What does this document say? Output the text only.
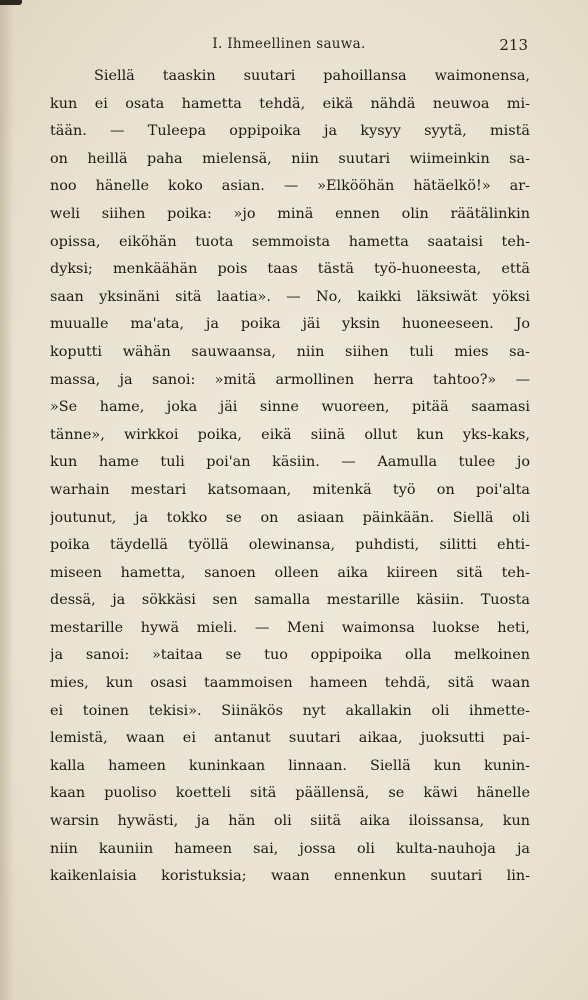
I. Ihmeellinen sauwa.	213
Siellä taaskin suutari pahoillansa waimonensa,
kun ei osata hametta tehdä, eikä nähdä neuwoa mi-
tään. — Tuleepa oppipoika ja kysyy syytä, mistä
on heillä paha mielensä, niin suutari wiimeinkin sa-
noo hänelle koko asian. — »Elkööhän hätäelkö!» ar-
weli siihen poika: »jo minä ennen olin räätälinkin
opissa, eiköhän tuota semmoista hametta saataisi teh-
dyksi; menkäähän pois taas tästä työ-huoneesta, että
saan yksinäni sitä laatia». — No, kaikki läksiwät yöksi
muualle ma'ata, ja poika jäi yksin huoneeseen. Jo
koputti wähän sauwaansa, niin siihen tuli mies sa-
massa, ja sanoi: »mitä armollinen herra tahtoo?» —
»Se hame, joka jäi sinne wuoreen, pitää saamasi
tänne», wirkkoi poika, eikä siinä ollut kun yks-kaks,
kun hame tuli poi'an käsiin. — Aamulla tulee jo
warhain mestari katsomaan, mitenkä työ on poi'alta
joutunut, ja tokko se on asiaan päinkään. Siellä oli
poika täydellä työllä olewinansa, puhdisti, silitti ehti-
miseen hametta, sanoen olleen aika kiireen sitä teh-
dessä, ja sökkäsi sen samalla mestarille käsiin. Tuosta
mestarille hywä mieli. — Meni waimonsa luokse heti,
ja sanoi: »taitaa se tuo oppipoika olla melkoinen
mies, kun osasi taammoisen hameen tehdä, sitä waan
ei toinen tekisi». Siinäkös nyt akallakin oli ihmette-
lemistä, waan ei antanut suutari aikaa, juoksutti pai-
kalla hameen kuninkaan linnaan. Siellä kun kunin-
kaan puoliso koetteli sitä päällensä, se käwi hänelle
warsin hywästi, ja hän oli siitä aika iloissansa, kun
niin kauniin hameen sai, jossa oli kulta-nauhoja ja
kaikenlaisia koristuksia; waan ennenkun suutari lin-
